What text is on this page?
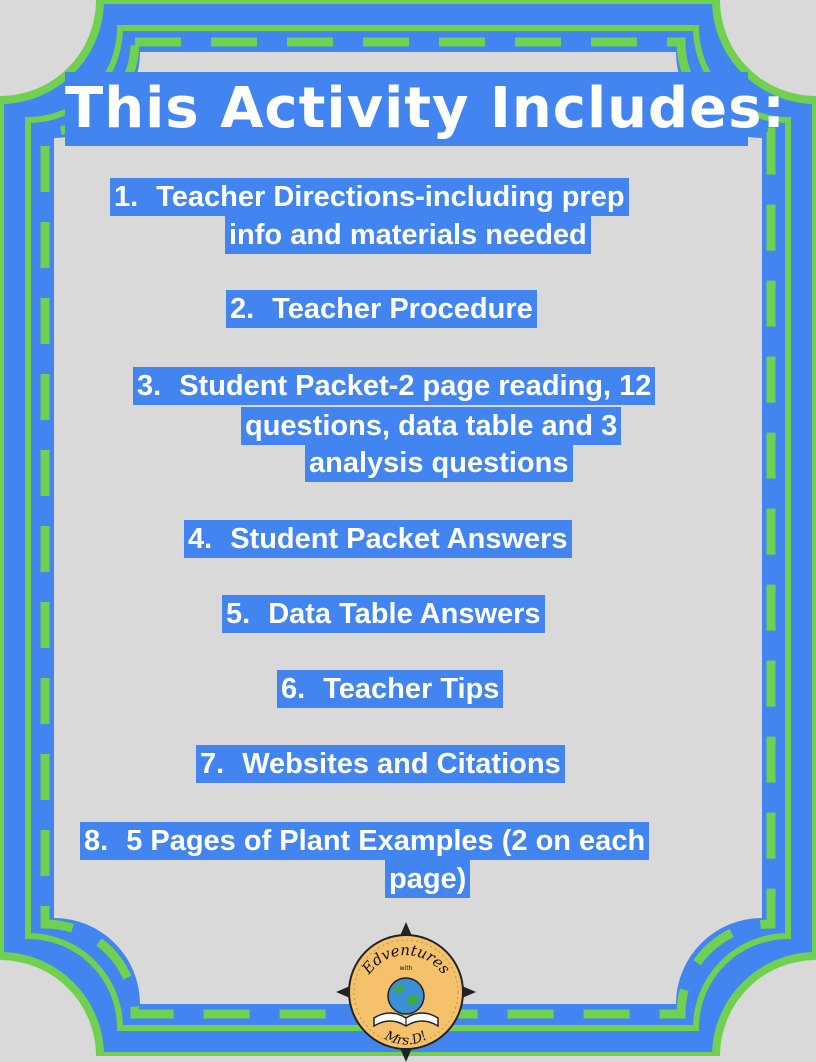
This Activity Includes:
1. Teacher Directions-including prep
info and materials needed
2. Teacher Procedure
3. Student Packet-2 page reading, 12
questions, data table and 3
analysis questions
4. Student Packet Answers
5. Data Table Answers
6. Teacher Tips
7. Websites and Citations
8. 5 Pages of Plant Examples (2 on each
page)
Edventures
with
Mrs.D!
